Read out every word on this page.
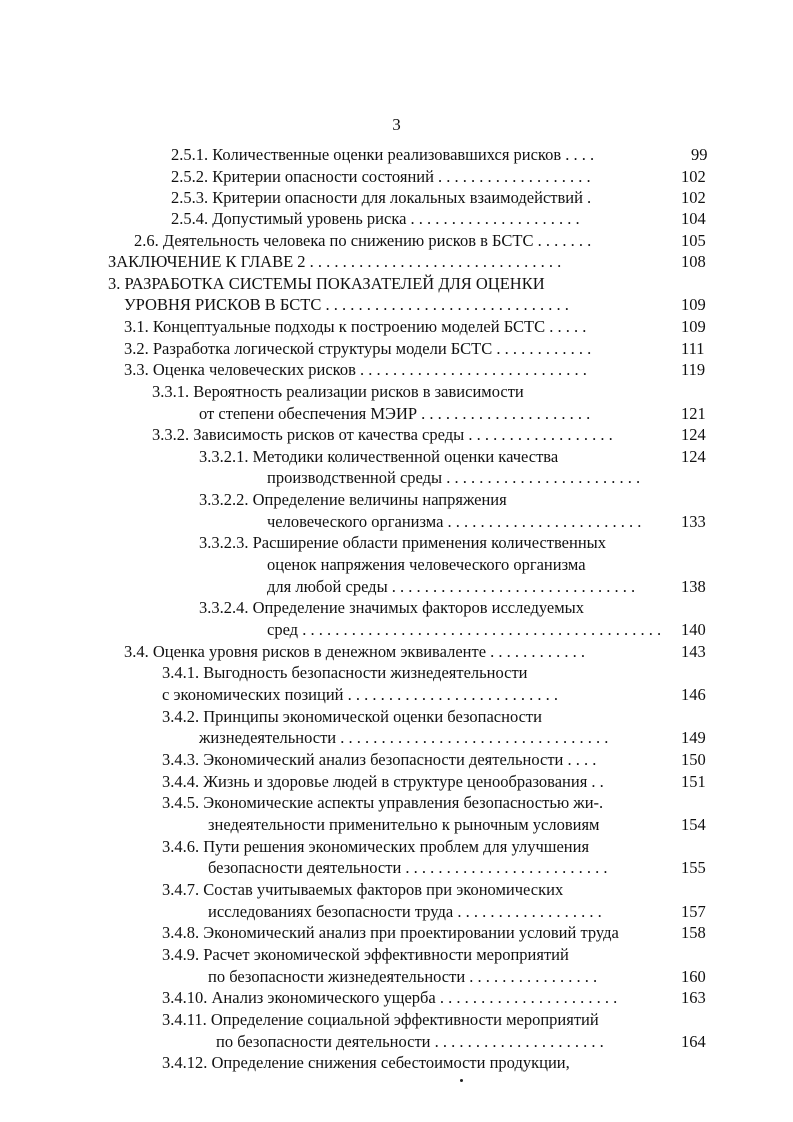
3
2.5.1. Количественные оценки реализовавшихся рисков . . . .	99
2.5.2. Критерии опасности состояний . . . . . . . . . . . . . . . . . . .	102
2.5.3. Критерии опасности для локальных взаимодействий .	102
2.5.4. Допустимый уровень риска . . . . . . . . . . . . . . . . . . . . .	104
2.6. Деятельность человека по снижению рисков в БСТС . . . . . . .	105
ЗАКЛЮЧЕНИЕ К ГЛАВЕ 2 . . . . . . . . . . . . . . . . . . . . . . . . . . . . . . .	108
3. РАЗРАБОТКА СИСТЕМЫ ПОКАЗАТЕЛЕЙ ДЛЯ ОЦЕНКИ
УРОВНЯ РИСКОВ В БСТС . . . . . . . . . . . . . . . . . . . . . . . . . . . . . .	109
3.1. Концептуальные подходы к построению моделей БСТС . . . . .	109
3.2. Разработка логической структуры модели БСТС . . . . . . . . . . . .	111
3.3. Оценка человеческих рисков . . . . . . . . . . . . . . . . . . . . . . . . . . . .	119
3.3.1. Вероятность реализации рисков в зависимости
от степени обеспечения МЭИР . . . . . . . . . . . . . . . . . . . . .	121
3.3.2. Зависимость рисков от качества среды . . . . . . . . . . . . . . . . . .	124
3.3.2.1. Методики количественной оценки качества	124
производственной среды . . . . . . . . . . . . . . . . . . . . . . . .
3.3.2.2. Определение величины напряжения
человеческого организма . . . . . . . . . . . . . . . . . . . . . . . . 133
3.3.2.3. Расширение области применения количественных
оценок напряжения человеческого организма
для любой среды . . . . . . . . . . . . . . . . . . . . . . . . . . . . . .	138
3.3.2.4. Определение значимых факторов исследуемых
сред . . . . . . . . . . . . . . . . . . . . . . . . . . . . . . . . . . . . . . . . . . . . 140
3.4. Оценка уровня рисков в денежном эквиваленте . . . . . . . . . . . .	143
3.4.1. Выгодность безопасности жизнедеятельности
с экономических позиций . . . . . . . . . . . . . . . . . . . . . . . . . .	146
3.4.2. Принципы экономической оценки безопасности
жизнедеятельности . . . . . . . . . . . . . . . . . . . . . . . . . . . . . . . . .	149
3.4.3. Экономический анализ безопасности деятельности . . . .	150
3.4.4. Жизнь и здоровье людей в структуре ценообразования . .	151
3.4.5. Экономические аспекты управления безопасностью жи-.
знедеятельности применительно к рыночным условиям	154
3.4.6. Пути решения экономических проблем для улучшения
безопасности деятельности . . . . . . . . . . . . . . . . . . . . . . . . .	155
3.4.7. Состав учитываемых факторов при экономических
исследованиях безопасности труда . . . . . . . . . . . . . . . . . .	157
3.4.8. Экономический анализ при проектировании условий труда	158
3.4.9. Расчет экономической эффективности мероприятий
по безопасности жизнедеятельности . . . . . . . . . . . . . . . .	160
3.4.10. Анализ экономического ущерба . . . . . . . . . . . . . . . . . . . . . .	163
3.4.11. Определение социальной эффективности мероприятий
по безопасности деятельности . . . . . . . . . . . . . . . . . . . . .	164
3.4.12. Определение снижения себестоимости продукции,
